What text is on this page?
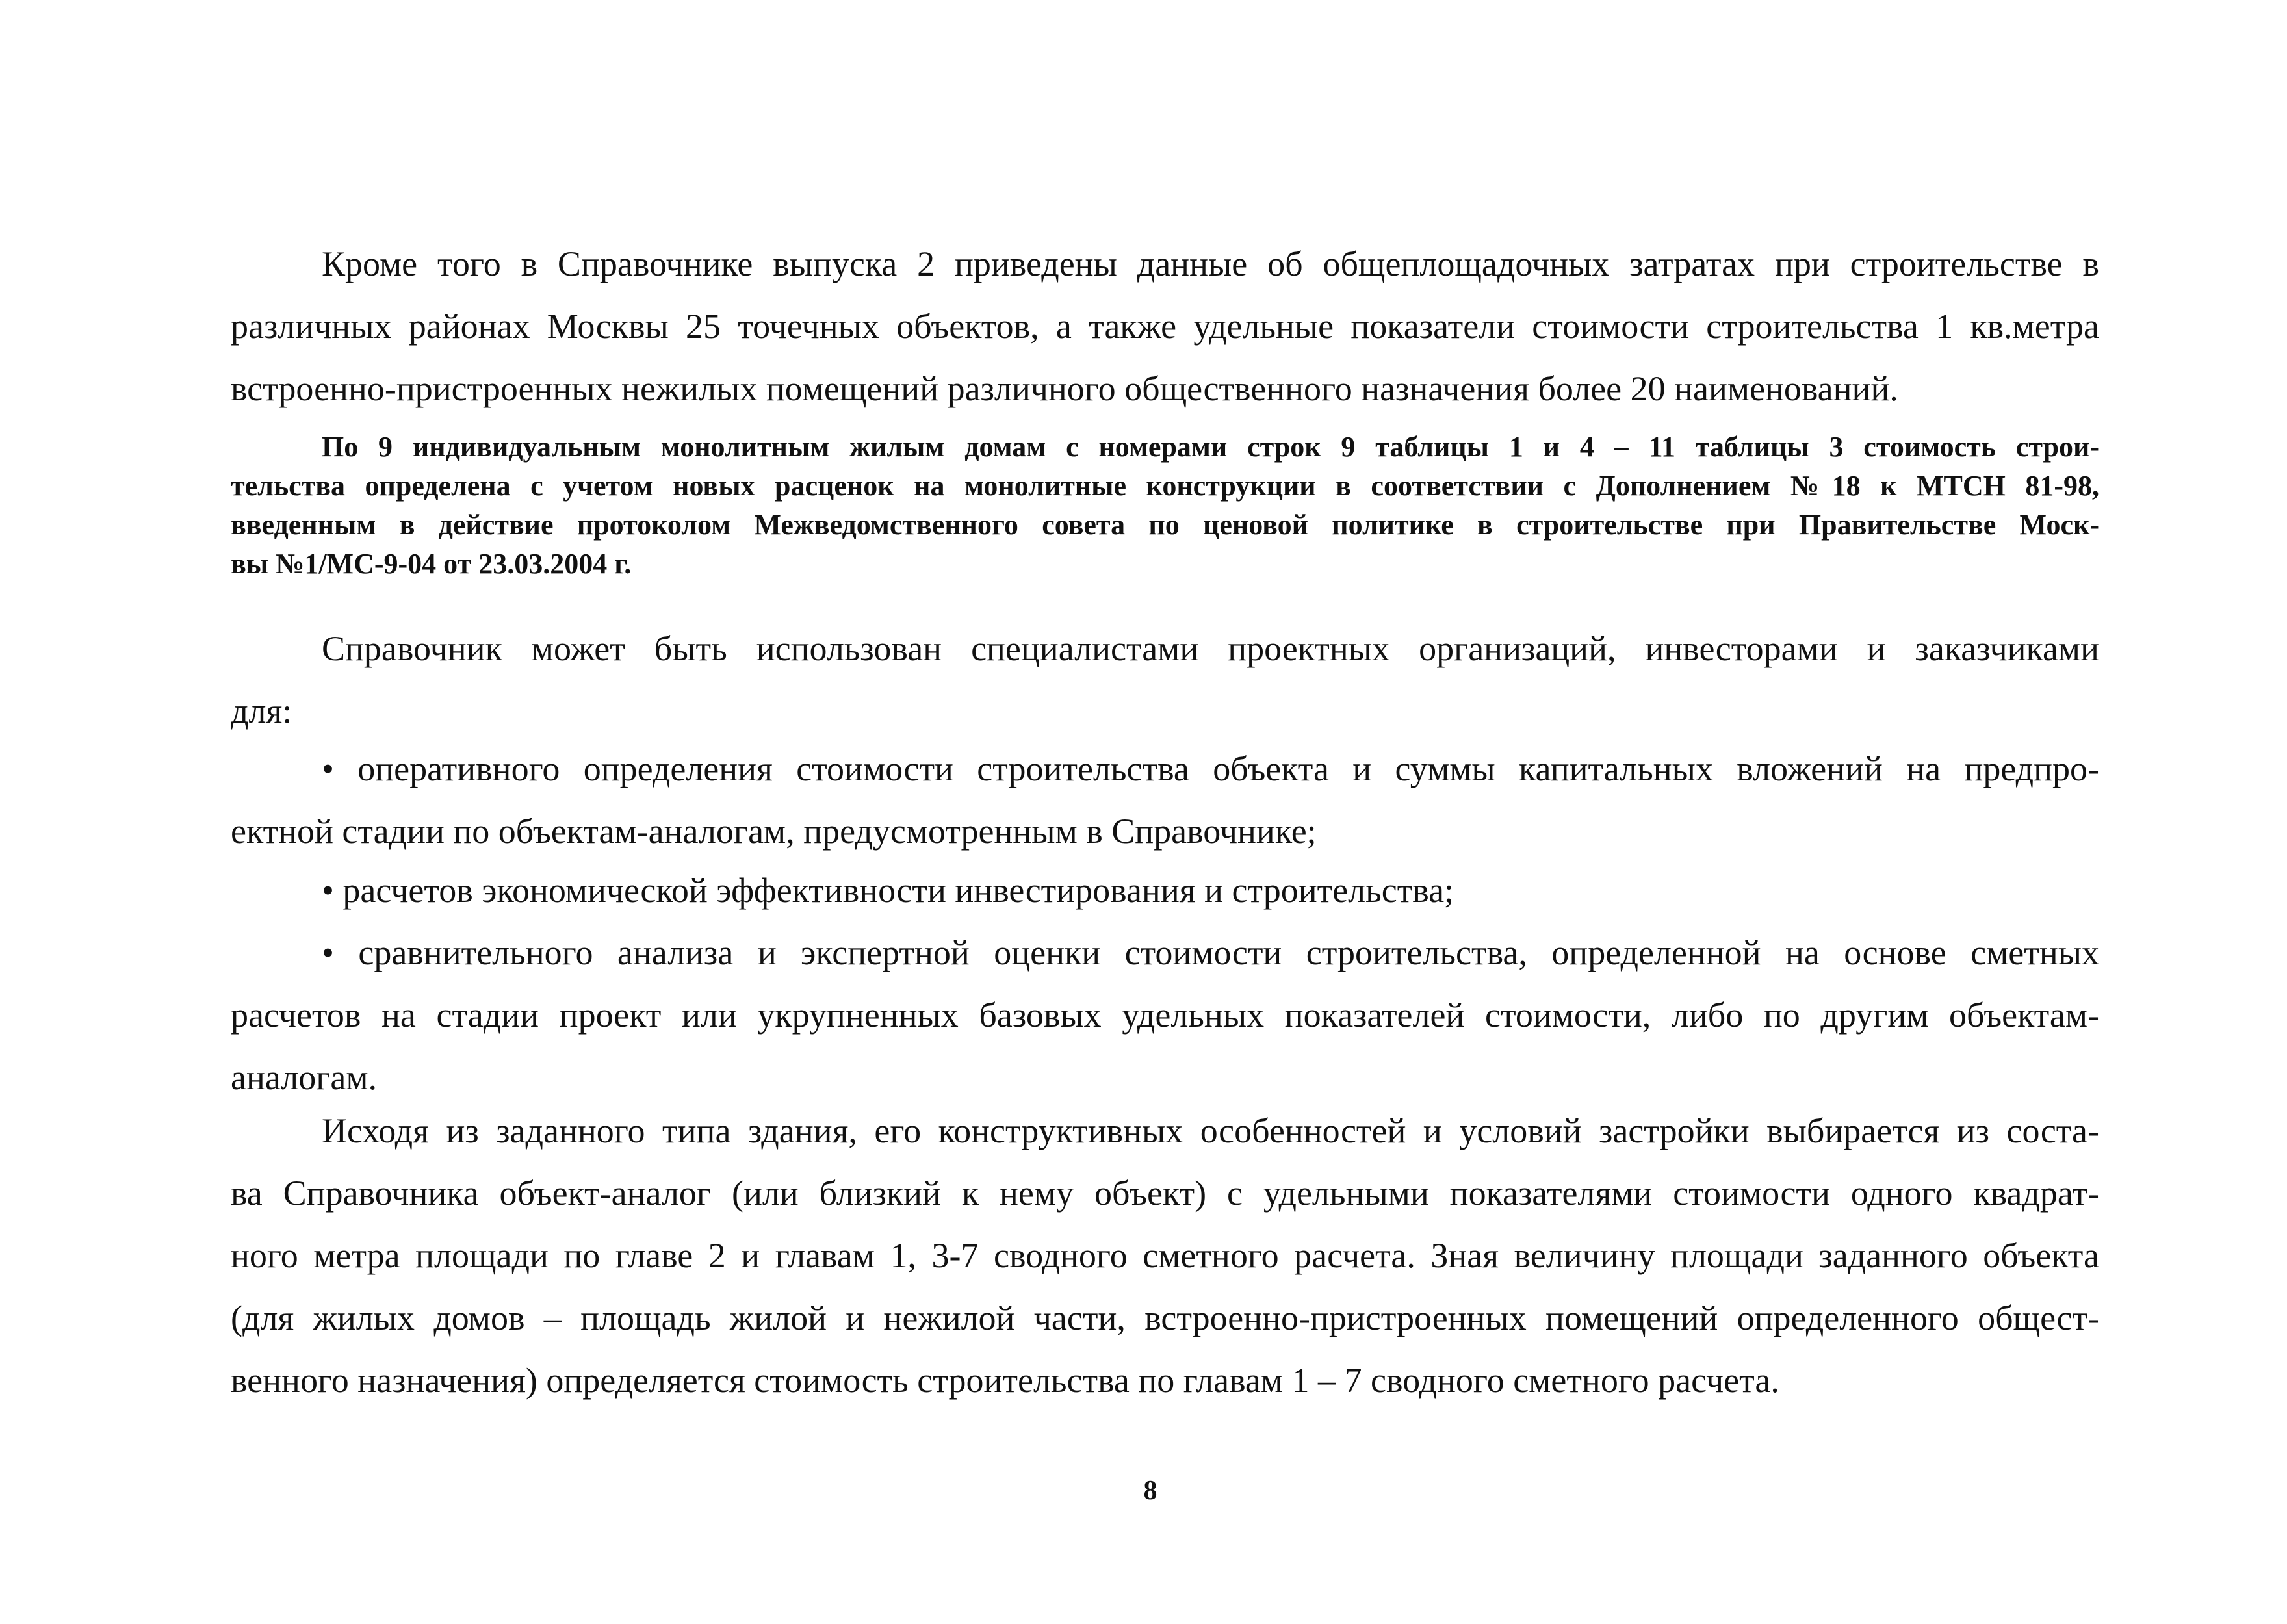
Кроме того в Справочнике выпуска 2 приведены данные об общеплощадочных затратах при строительстве в
различных районах Москвы 25 точечных объектов, а также удельные показатели стоимости строительства 1 кв.метра
встроенно-пристроенных нежилых помещений различного общественного назначения более 20 наименований.
По 9 индивидуальным монолитным жилым домам с номерами строк 9 таблицы 1 и 4 – 11 таблицы 3 стоимость строи-
тельства определена с учетом новых расценок на монолитные конструкции в соответствии с Дополнением №18 к МТСН 81-98,
введенным в действие протоколом Межведомственного совета по ценовой политике в строительстве при Правительстве Моск-
вы №1/МС-9-04 от 23.03.2004 г.
Справочник может быть использован специалистами проектных организаций, инвесторами и заказчиками
для:
• оперативного определения стоимости строительства объекта и суммы капитальных вложений на предпро-
ектной стадии по объектам-аналогам, предусмотренным в Справочнике;
• расчетов экономической эффективности инвестирования и строительства;
• сравнительного анализа и экспертной оценки стоимости строительства, определенной на основе сметных
расчетов на стадии проект или укрупненных базовых удельных показателей стоимости, либо по другим объектам-
аналогам.
Исходя из заданного типа здания, его конструктивных особенностей и условий застройки выбирается из соста-
ва Справочника объект-аналог (или близкий к нему объект) с удельными показателями стоимости одного квадрат-
ного метра площади по главе 2 и главам 1, 3-7 сводного сметного расчета. Зная величину площади заданного объекта
(для жилых домов – площадь жилой и нежилой части, встроенно-пристроенных помещений определенного общест-
венного назначения) определяется стоимость строительства по главам 1 – 7 сводного сметного расчета.
8
